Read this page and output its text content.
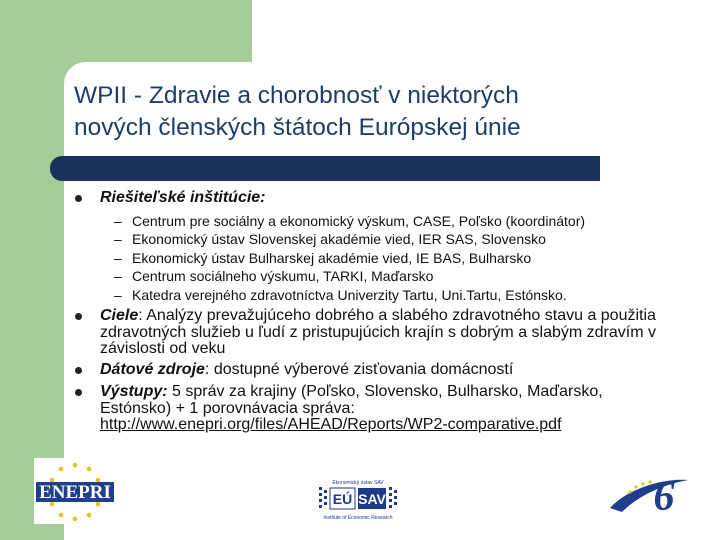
WPII - Zdravie a chorobnosť v niektorých
nových členských štátoch Európskej únie
Riešiteľské inštitúcie:
– Centrum pre sociálny a ekonomický výskum, CASE, Poľsko (koordinátor)
– Ekonomický ústav Slovenskej akadémie vied, IER SAS, Slovensko
– Ekonomický ústav Bulharskej akadémie vied, IE BAS, Bulharsko
– Centrum sociálneho výskumu, TARKI, Maďarsko
– Katedra verejného zdravotníctva Univerzity Tartu, Uni.Tartu, Estónsko.
Ciele: Analýzy prevažujúceho dobrého a slabého zdravotného stavu a použitia zdravotných služieb u ľudí z pristupujúcich krajín s dobrým a slabým zdravím v závislosti od veku
Dátové zdroje: dostupné výberové zisťovania domácností
Výstupy: 5 správ za krajiny (Poľsko, Slovensko, Bulharsko, Maďarsko, Estónsko) + 1 porovnávacia správa:
http://www.enepri.org/files/AHEAD/Reports/WP2-comparative.pdf
ENEPRI	Ekonomický ústav SAV
EÚ SAV
Institute of Economic Research	6
